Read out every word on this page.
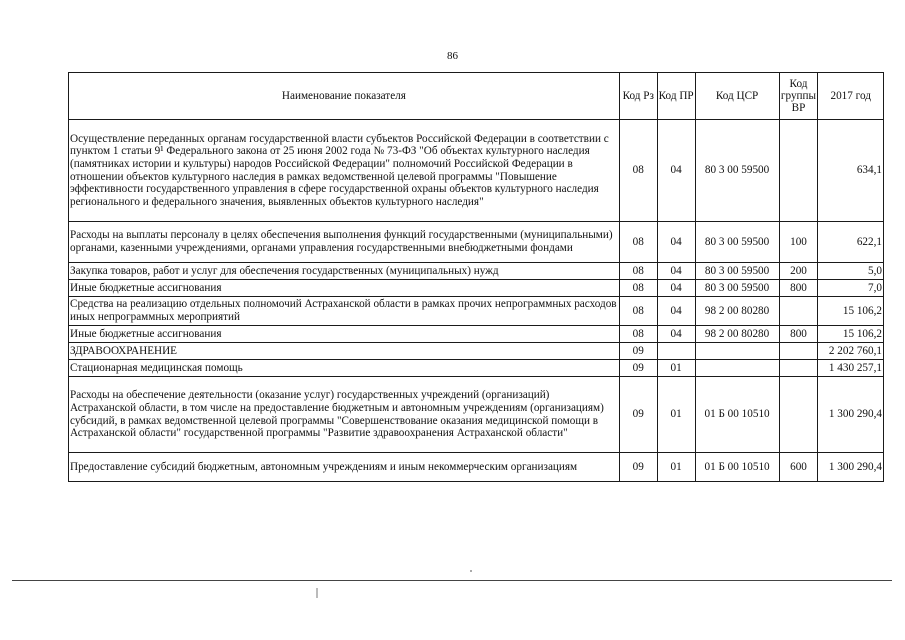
86
Наименование показателя	Код Рз	Код ПР	Код ЦСР	Код группы ВР	2017 год
Осуществление переданных органам государственной власти субъектов Российской Федерации в соответствии с пунктом 1 статьи 9¹ Федерального закона от 25 июня 2002 года № 73-ФЗ "Об объектах культурного наследия (памятниках истории и культуры) народов Российской Федерации" полномочий Российской Федерации в отношении объектов культурного наследия в рамках ведомственной целевой программы "Повышение эффективности государственного управления в сфере государственной охраны объектов культурного наследия регионального и федерального значения, выявленных объектов культурного наследия"	08	04	80 3 00 59500		634,1
Расходы на выплаты персоналу в целях обеспечения выполнения функций государственными (муниципальными) органами, казенными учреждениями, органами управления государственными внебюджетными фондами	08	04	80 3 00 59500	100	622,1
Закупка товаров, работ и услуг для обеспечения государственных (муниципальных) нужд	08	04	80 3 00 59500	200	5,0
Иные бюджетные ассигнования	08	04	80 3 00 59500	800	7,0
Средства на реализацию отдельных полномочий Астраханской области в рамках прочих непрограммных расходов иных непрограммных мероприятий	08	04	98 2 00 80280		15 106,2
Иные бюджетные ассигнования	08	04	98 2 00 80280	800	15 106,2
ЗДРАВООХРАНЕНИЕ	09				2 202 760,1
Стационарная медицинская помощь	09	01			1 430 257,1
Расходы на обеспечение деятельности (оказание услуг) государственных учреждений (организаций) Астраханской области, в том числе на предоставление бюджетным и автономным учреждениям (организациям) субсидий, в рамках ведомственной целевой программы "Совершенствование оказания медицинской помощи в Астраханской области" государственной программы "Развитие здравоохранения Астраханской области"	09	01	01 Б 00 10510		1 300 290,4
Предоставление субсидий бюджетным, автономным учреждениям и иным некоммерческим организациям	09	01	01 Б 00 10510	600	1 300 290,4
